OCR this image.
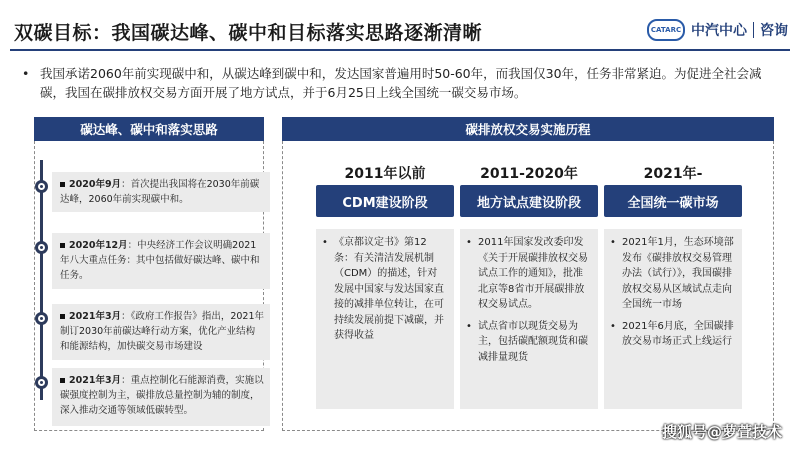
双碳目标：我国碳达峰、碳中和目标落实思路逐渐清晰	CATARC 中汽中心 咨询
• 我国承诺2060年前实现碳中和，从碳达峰到碳中和，发达国家普遍用时50-60年，而我国仅30年，任务非常紧迫。为促进全社会减碳，我国在碳排放权交易方面开展了地方试点，并于6月25日上线全国统一碳交易市场。
碳达峰、碳中和落实思路
2020年9月：首次提出我国将在2030年前碳达峰，2060年前实现碳中和。
2020年12月：中央经济工作会议明确2021年八大重点任务：其中包括做好碳达峰、碳中和任务。
2021年3月：《政府工作报告》指出，2021年制订2030年前碳达峰行动方案，优化产业结构和能源结构，加快碳交易市场建设
2021年3月：重点控制化石能源消费，实施以碳强度控制为主，碳排放总量控制为辅的制度，深入推动交通等领域低碳转型。
碳排放权交易实施历程
2011年以前
CDM建设阶段
• 《京都议定书》第12条：有关清洁发展机制（CDM）的描述，针对发展中国家与发达国家直接的减排单位转让，在可持续发展前提下减碳，并获得收益
2011-2020年
地方试点建设阶段
• 2011年国家发改委印发《关于开展碳排放权交易试点工作的通知》，批准北京等8省市开展碳排放权交易试点。
• 试点省市以现货交易为主，包括碳配额现货和碳减排量现货
2021年-
全国统一碳市场
• 2021年1月，生态环境部发布《碳排放权交易管理办法（试行）》，我国碳排放权交易从区域试点走向全国统一市场
• 2021年6月底，全国碳排放交易市场正式上线运行
搜狐号@萝萱技术
